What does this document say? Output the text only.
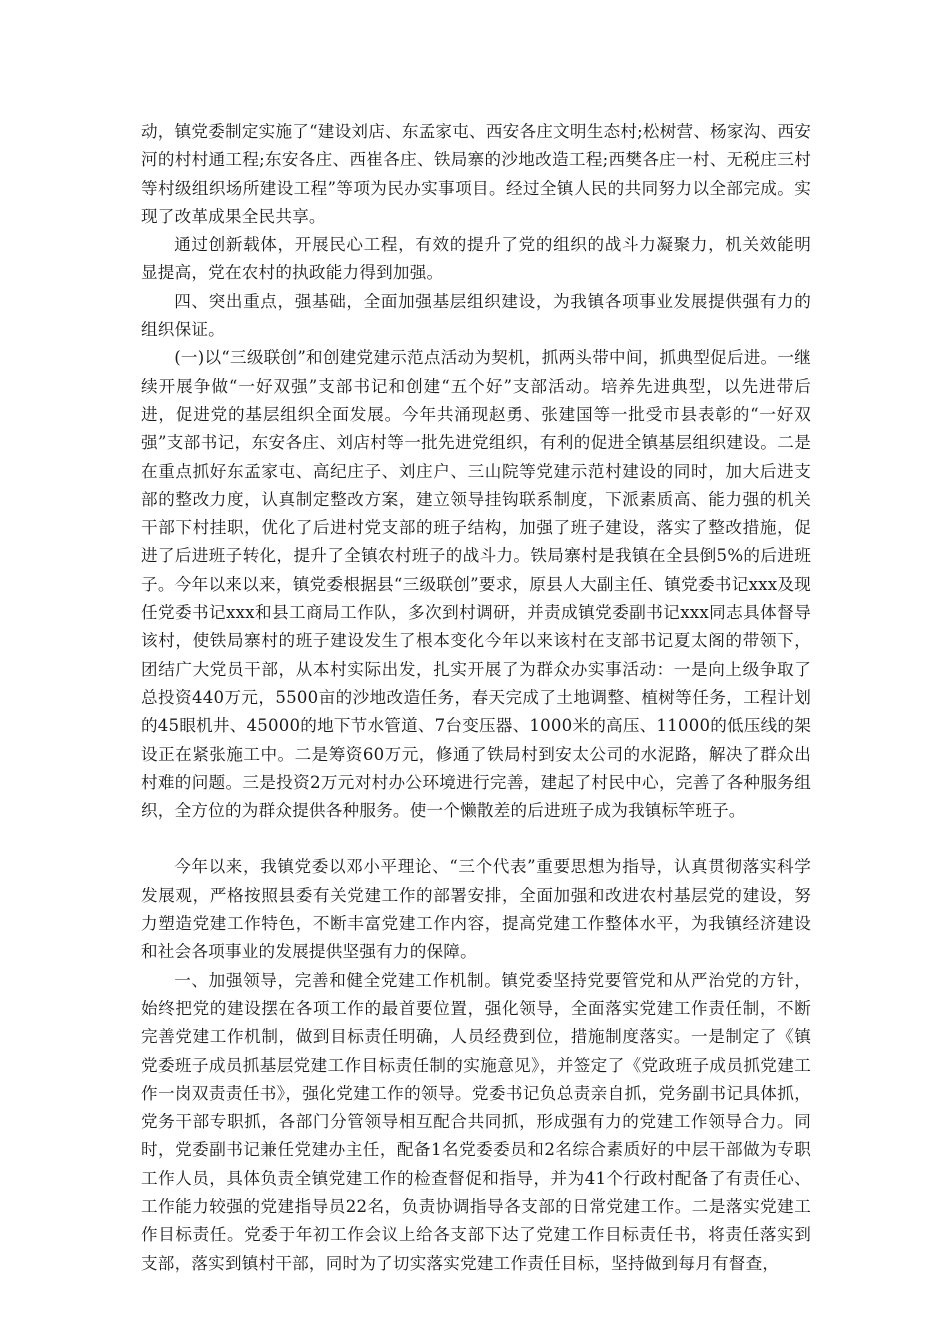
动，镇党委制定实施了“建设刘店、东孟家屯、西安各庄文明生态村;松树营、杨家沟、西安河的村村通工程;东安各庄、西崔各庄、铁局寨的沙地改造工程;西樊各庄一村、无税庄三村等村级组织场所建设工程”等项为民办实事项目。经过全镇人民的共同努力以全部完成。实现了改革成果全民共享。

通过创新载体，开展民心工程，有效的提升了党的组织的战斗力凝聚力，机关效能明显提高，党在农村的执政能力得到加强。

四、突出重点，强基础，全面加强基层组织建设，为我镇各项事业发展提供强有力的组织保证。

(一)以“三级联创”和创建党建示范点活动为契机，抓两头带中间，抓典型促后进。一继续开展争做“一好双强”支部书记和创建“五个好”支部活动。培养先进典型，以先进带后进，促进党的基层组织全面发展。今年共涌现赵勇、张建国等一批受市县表彰的“一好双强”支部书记，东安各庄、刘店村等一批先进党组织，有利的促进全镇基层组织建设。二是在重点抓好东孟家屯、高纪庄子、刘庄户、三山院等党建示范村建设的同时，加大后进支部的整改力度，认真制定整改方案，建立领导挂钩联系制度，下派素质高、能力强的机关干部下村挂职，优化了后进村党支部的班子结构，加强了班子建设，落实了整改措施，促进了后进班子转化，提升了全镇农村班子的战斗力。铁局寨村是我镇在全县倒5%的后进班子。今年以来以来，镇党委根据县“三级联创”要求，原县人大副主任、镇党委书记xxx及现任党委书记xxx和县工商局工作队，多次到村调研，并责成镇党委副书记xxx同志具体督导该村，使铁局寨村的班子建设发生了根本变化今年以来该村在支部书记夏太阁的带领下，团结广大党员干部，从本村实际出发，扎实开展了为群众办实事活动：一是向上级争取了总投资440万元，5500亩的沙地改造任务，春天完成了土地调整、植树等任务，工程计划的45眼机井、45000的地下节水管道、7台变压器、1000米的高压、11000的低压线的架设正在紧张施工中。二是筹资60万元，修通了铁局村到安太公司的水泥路，解决了群众出村难的问题。三是投资2万元对村办公环境进行完善，建起了村民中心，完善了各种服务组织，全方位的为群众提供各种服务。使一个懒散差的后进班子成为我镇标竿班子。

今年以来，我镇党委以邓小平理论、“三个代表”重要思想为指导，认真贯彻落实科学发展观，严格按照县委有关党建工作的部署安排，全面加强和改进农村基层党的建设，努力塑造党建工作特色，不断丰富党建工作内容，提高党建工作整体水平，为我镇经济建设和社会各项事业的发展提供坚强有力的保障。

一、加强领导，完善和健全党建工作机制。镇党委坚持党要管党和从严治党的方针，始终把党的建设摆在各项工作的最首要位置，强化领导，全面落实党建工作责任制，不断完善党建工作机制，做到目标责任明确，人员经费到位，措施制度落实。一是制定了《镇党委班子成员抓基层党建工作目标责任制的实施意见》，并签定了《党政班子成员抓党建工作一岗双责责任书》，强化党建工作的领导。党委书记负总责亲自抓，党务副书记具体抓，党务干部专职抓，各部门分管领导相互配合共同抓，形成强有力的党建工作领导合力。同时，党委副书记兼任党建办主任，配备1名党委委员和2名综合素质好的中层干部做为专职工作人员，具体负责全镇党建工作的检查督促和指导，并为41个行政村配备了有责任心、工作能力较强的党建指导员22名，负责协调指导各支部的日常党建工作。二是落实党建工作目标责任。党委于年初工作会议上给各支部下达了党建工作目标责任书，将责任落实到支部，落实到镇村干部，同时为了切实落实党建工作责任目标，坚持做到每月有督查，
